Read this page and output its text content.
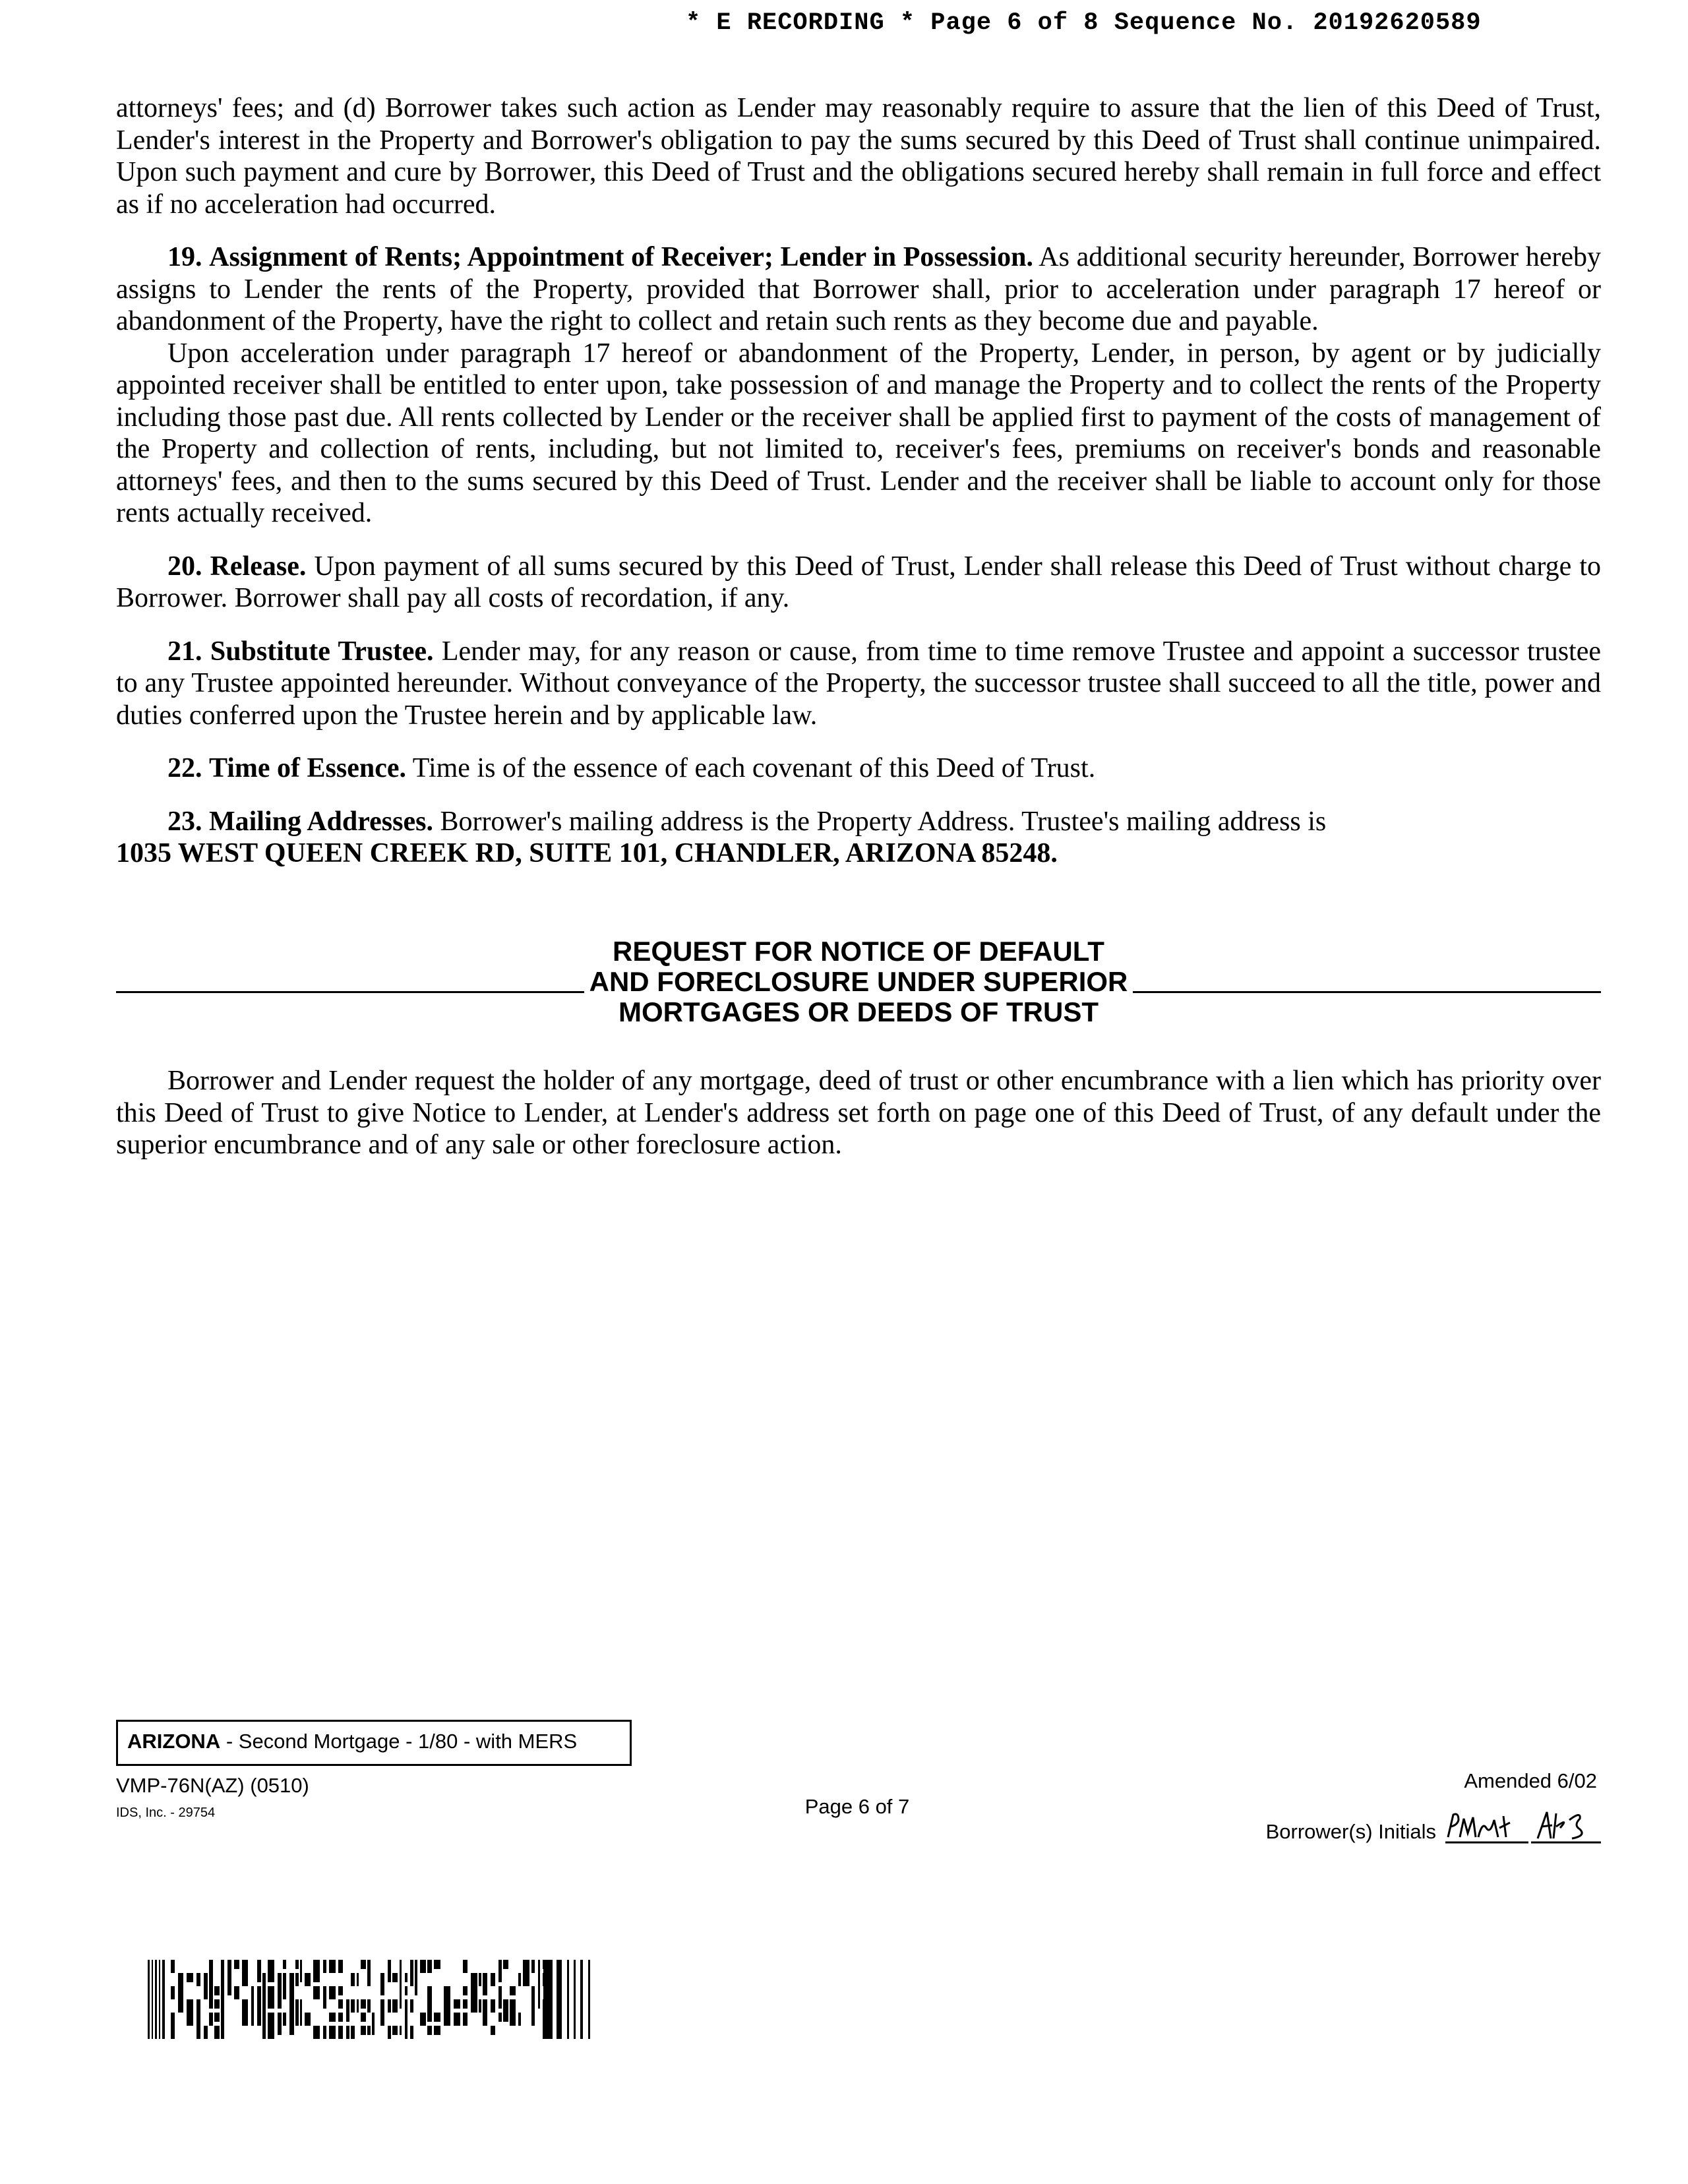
* E RECORDING * Page 6 of 8 Sequence No. 20192620589

attorneys' fees; and (d) Borrower takes such action as Lender may reasonably require to assure that the lien of this Deed of Trust, Lender's interest in the Property and Borrower's obligation to pay the sums secured by this Deed of Trust shall continue unimpaired. Upon such payment and cure by Borrower, this Deed of Trust and the obligations secured hereby shall remain in full force and effect as if no acceleration had occurred.

19. Assignment of Rents; Appointment of Receiver; Lender in Possession. As additional security hereunder, Borrower hereby assigns to Lender the rents of the Property, provided that Borrower shall, prior to acceleration under paragraph 17 hereof or abandonment of the Property, have the right to collect and retain such rents as they become due and payable.

Upon acceleration under paragraph 17 hereof or abandonment of the Property, Lender, in person, by agent or by judicially appointed receiver shall be entitled to enter upon, take possession of and manage the Property and to collect the rents of the Property including those past due. All rents collected by Lender or the receiver shall be applied first to payment of the costs of management of the Property and collection of rents, including, but not limited to, receiver's fees, premiums on receiver's bonds and reasonable attorneys' fees, and then to the sums secured by this Deed of Trust. Lender and the receiver shall be liable to account only for those rents actually received.

20. Release. Upon payment of all sums secured by this Deed of Trust, Lender shall release this Deed of Trust without charge to Borrower. Borrower shall pay all costs of recordation, if any.

21. Substitute Trustee. Lender may, for any reason or cause, from time to time remove Trustee and appoint a successor trustee to any Trustee appointed hereunder. Without conveyance of the Property, the successor trustee shall succeed to all the title, power and duties conferred upon the Trustee herein and by applicable law.

22. Time of Essence. Time is of the essence of each covenant of this Deed of Trust.

23. Mailing Addresses. Borrower's mailing address is the Property Address. Trustee's mailing address is

1035 WEST QUEEN CREEK RD, SUITE 101, CHANDLER, ARIZONA 85248.

REQUEST FOR NOTICE OF DEFAULT
AND FORECLOSURE UNDER SUPERIOR
MORTGAGES OR DEEDS OF TRUST

Borrower and Lender request the holder of any mortgage, deed of trust or other encumbrance with a lien which has priority over this Deed of Trust to give Notice to Lender, at Lender's address set forth on page one of this Deed of Trust, of any default under the superior encumbrance and of any sale or other foreclosure action.

ARIZONA - Second Mortgage - 1/80 - with MERS
VMP-76N(AZ) (0510)
IDS, Inc. - 29754	Page 6 of 7
Amended 6/02
Borrower(s) Initials
